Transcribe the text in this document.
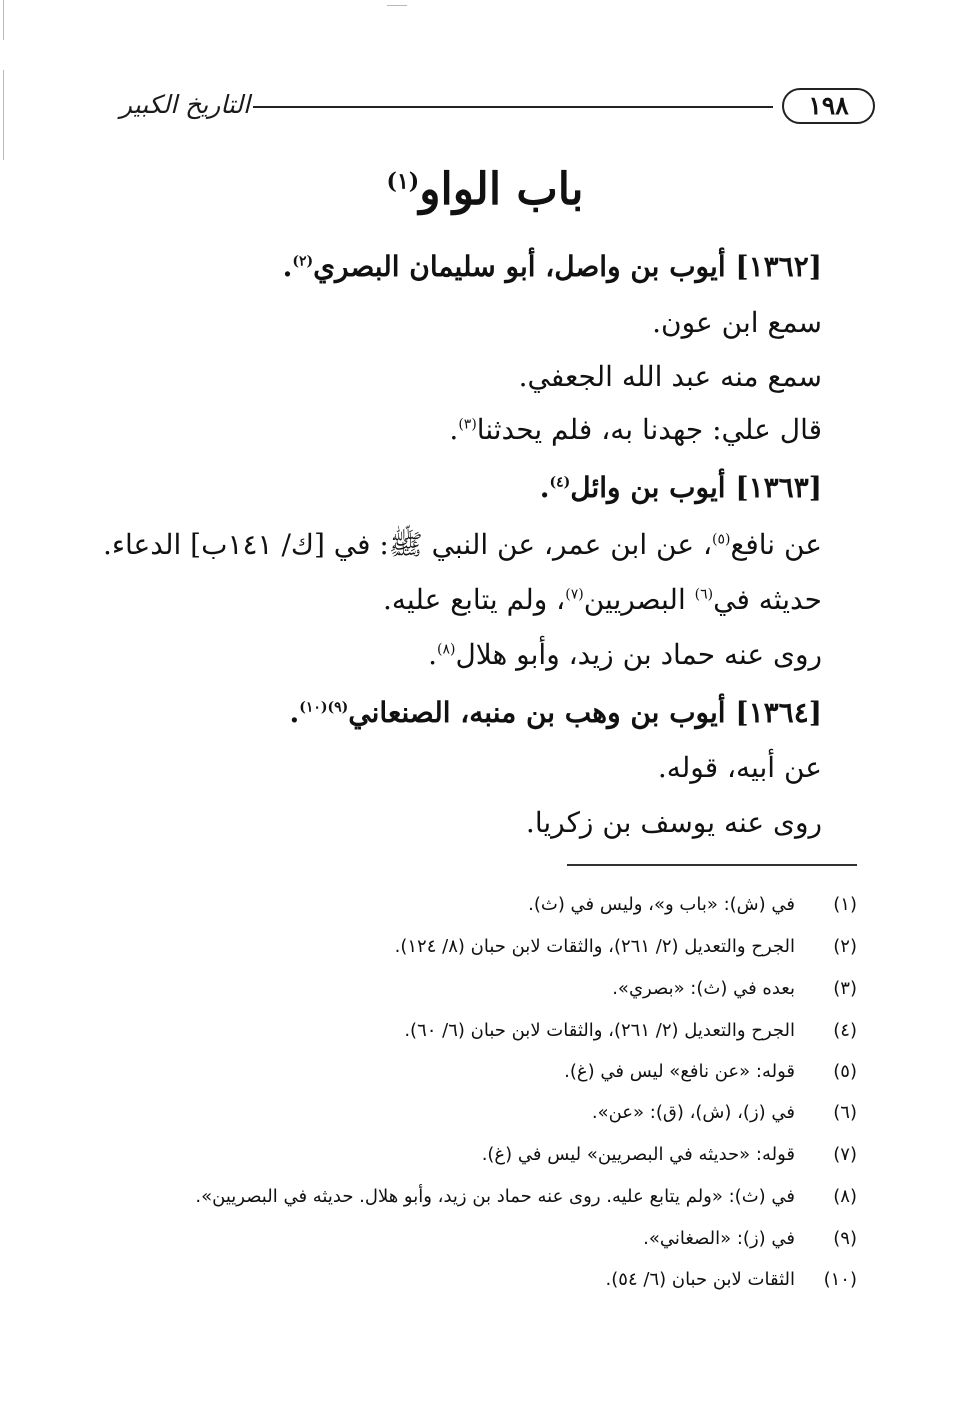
التاريخ الكبير	١٩٨
باب الواو$^{(١)}$
[١٣٦٢] أيوب بن واصل، أبو سليمان البصري$^{(٢)}$.
سمع ابن عون.
سمع منه عبد الله الجعفي.
قال علي: جهدنا به، فلم يحدثنا$^{(٣)}$.
[١٣٦٣] أيوب بن وائل$^{(٤)}$.
عن نافع$^{(٥)}$، عن ابن عمر، عن النبي ﷺ: في [ك/ ١٤١ب] الدعاء.
حديثه في$^{(٦)}$ البصريين$^{(٧)}$، ولم يتابع عليه.
روى عنه حماد بن زيد، وأبو هلال$^{(٨)}$.
[١٣٦٤] أيوب بن وهب بن منبه، الصنعاني$^{(٩)(١٠)}$.
عن أبيه، قوله.
روى عنه يوسف بن زكريا.
(١)في (ش): «باب و»، وليس في (ث).
(٢)الجرح والتعديل (٢/ ٢٦١)، والثقات لابن حبان (٨/ ١٢٤).
(٣)بعده في (ث): «بصري».
(٤)الجرح والتعديل (٢/ ٢٦١)، والثقات لابن حبان (٦/ ٦٠).
(٥)قوله: «عن نافع» ليس في (غ).
(٦)في (ز)، (ش)، (ق): «عن».
(٧)قوله: «حديثه في البصريين» ليس في (غ).
(٨)في (ث): «ولم يتابع عليه. روى عنه حماد بن زيد، وأبو هلال. حديثه في البصريين».
(٩)في (ز): «الصغاني».
(١٠)الثقات لابن حبان (٦/ ٥٤).
